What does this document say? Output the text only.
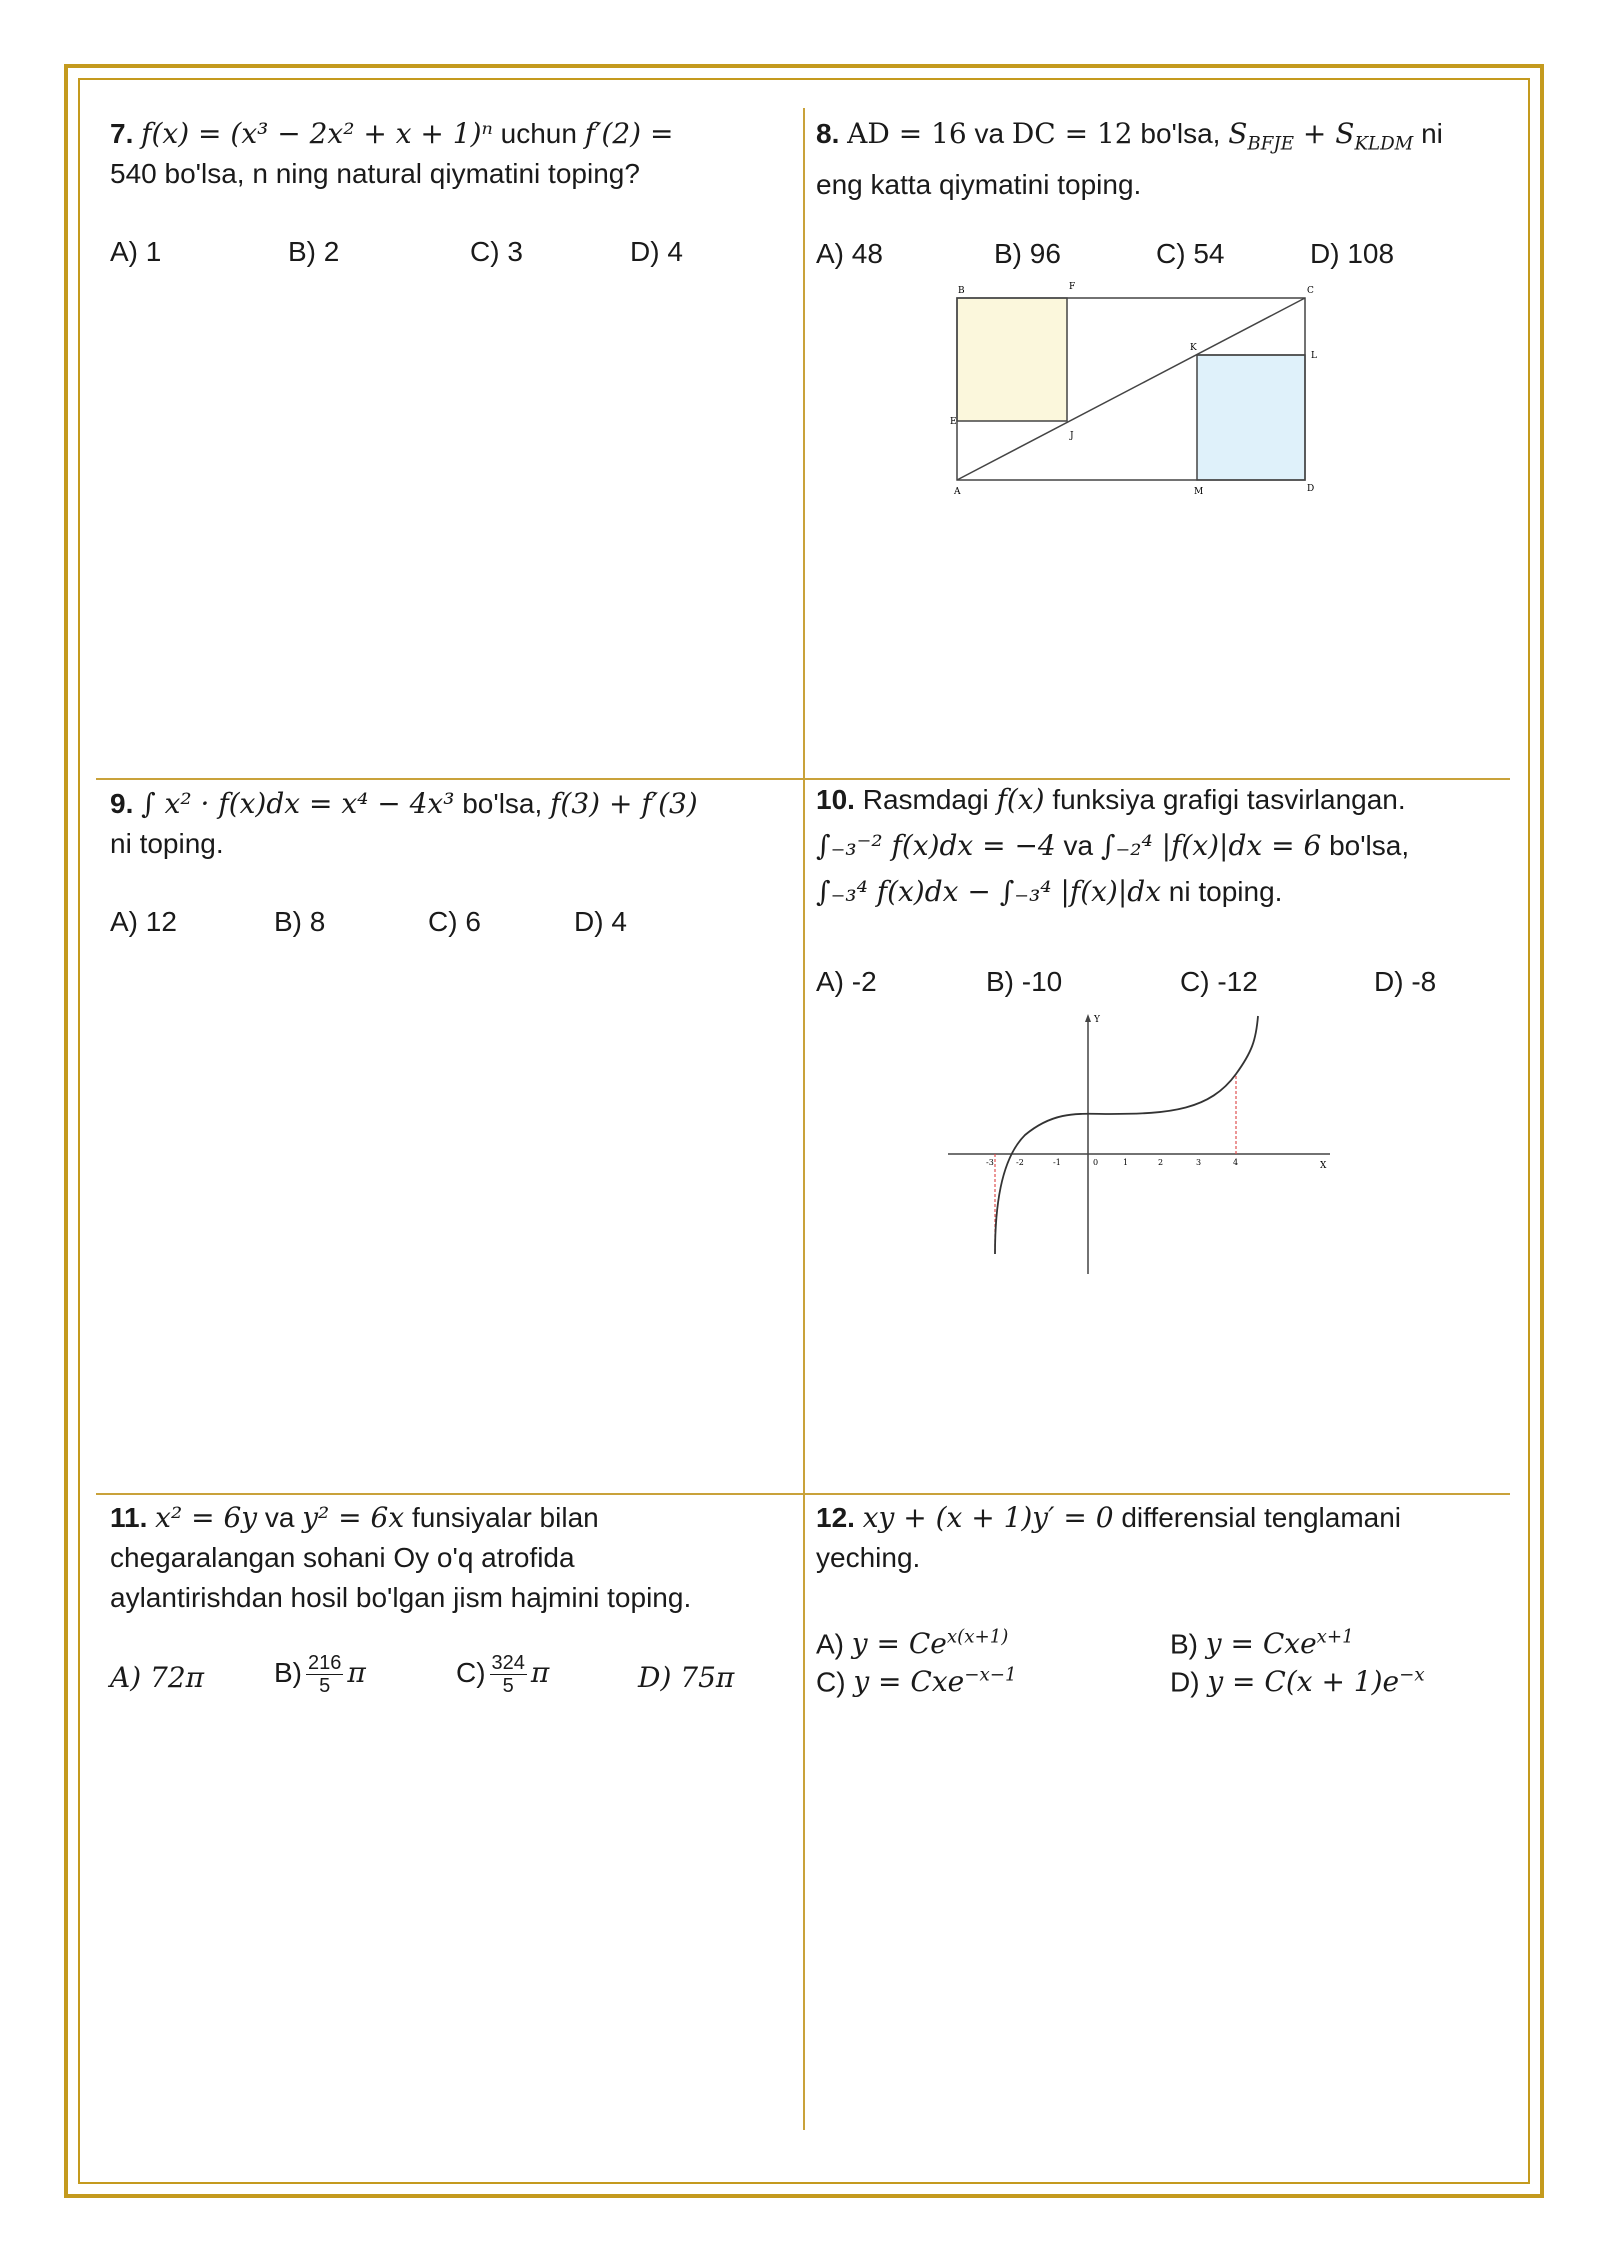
7. f(x) = (x³ − 2x² + x + 1)ⁿ uchun f′(2) =
540 bo'lsa, n ning natural qiymatini toping?
A) 1	B) 2	C) 3	D) 4
8. AD = 16 va DC = 12 bo'lsa, $S_{BFJE} + S_{KLDM}$ ni
eng katta qiymatini toping.
A) 48	B) 96	C) 54	D) 108
B	F	C
K
L
E
J
A	M	D
9. ∫ x² · f(x)dx = x⁴ − 4x³ bo'lsa, f(3) + f′(3)
ni toping.
A) 12	B) 8	C) 6	D) 4
10. Rasmdagi f(x) funksiya grafigi tasvirlangan.
∫₋₃⁻² f(x)dx = −4 va ∫₋₂⁴ |f(x)|dx = 6 bo'lsa,
∫₋₃⁴ f(x)dx − ∫₋₃⁴ |f(x)|dx ni toping.
A) -2	B) -10	C) -12	D) -8
Y
X
-3	-2	-1	0	1	2	3	4
11. x² = 6y va y² = 6x funsiyalar bilan
chegaralangan sohani Oy o'q atrofida
aylantirishdan hosil bo'lgan jism hajmini toping.
A) 72π $B) \frac{216}{5}$ π	$C) \frac{324}{5}$ π	D) 75π
12. xy + (x + 1)y′ = 0 differensial tenglamani
yeching.
A) $y = Ce^{x(x+1)}$	B) y = Cxe$^{x+1}$
C) y = Cxe$^{-x-1}$	D) $y = C(x + 1)e^{-x}$
